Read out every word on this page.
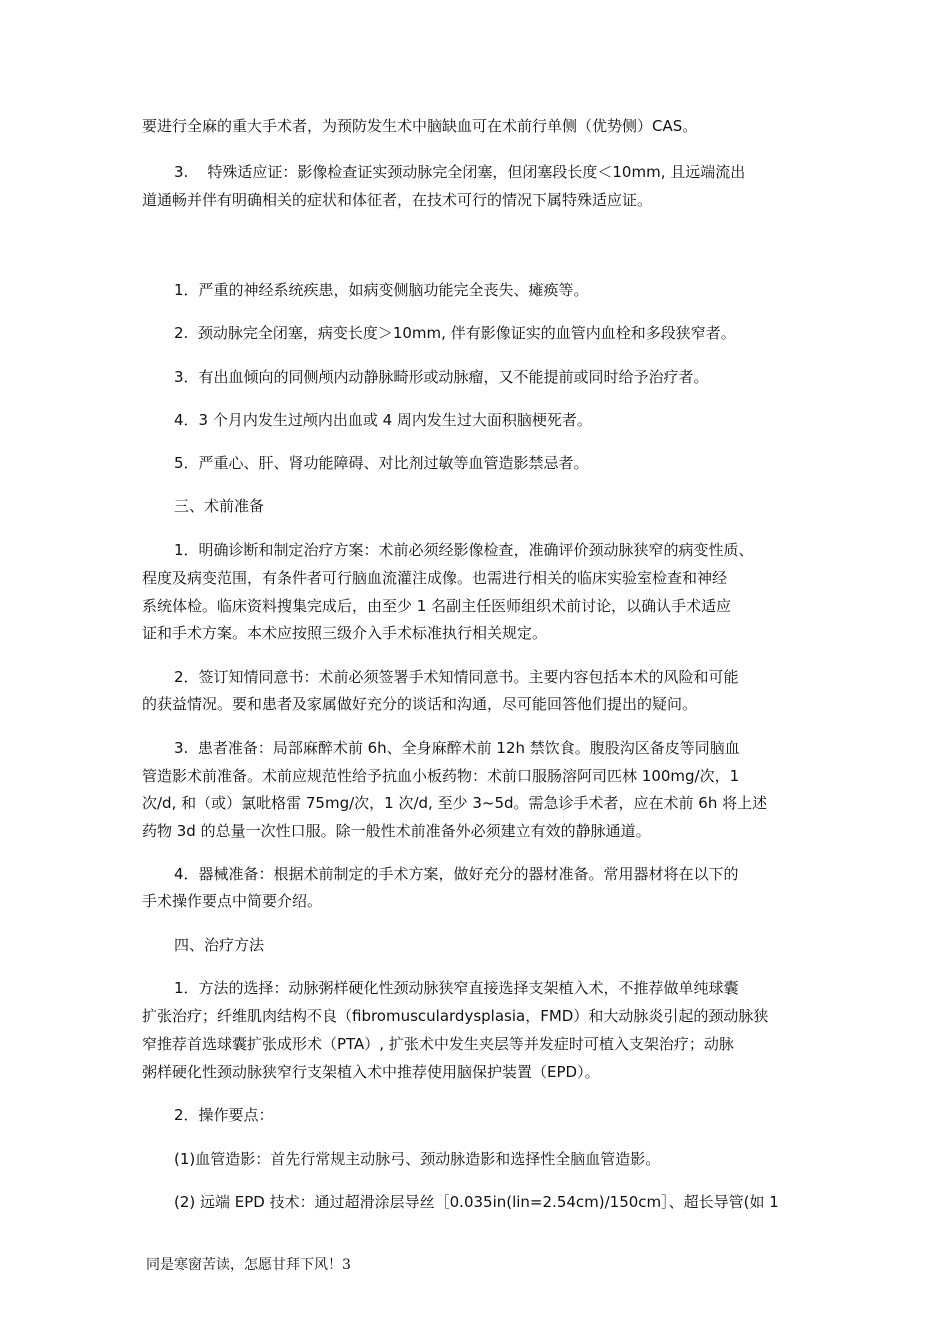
要进行全麻的重大手术者，为预防发生术中脑缺血可在术前行单侧（优势侧）CAS。

3.    特殊适应证：影像检查证实颈动脉完全闭塞，但闭塞段长度＜10mm, 且远端流出

道通畅并伴有明确相关的症状和体征者，在技术可行的情况下属特殊适应证。

1．严重的神经系统疾患，如病变侧脑功能完全丧失、瘫痪等。

2.  颈动脉完全闭塞，病变长度＞10mm, 伴有影像证实的血管内血栓和多段狭窄者。

3．有出血倾向的同侧颅内动静脉畸形或动脉瘤，又不能提前或同时给予治疗者。

4．3 个月内发生过颅内出血或 4 周内发生过大面积脑梗死者。

5．严重心、肝、肾功能障碍、对比剂过敏等血管造影禁忌者。

三、术前准备

1．明确诊断和制定治疗方案：术前必须经影像检查，准确评价颈动脉狭窄的病变性质、

程度及病变范围，有条件者可行脑血流灌注成像。也需进行相关的临床实验室检查和神经

系统体检。临床资料搜集完成后，由至少 1 名副主任医师组织术前讨论，以确认手术适应

证和手术方案。本术应按照三级介入手术标准执行相关规定。

2．签订知情同意书：术前必须签署手术知情同意书。主要内容包括本术的风险和可能

的获益情况。要和患者及家属做好充分的谈话和沟通，尽可能回答他们提出的疑问。

3.  患者准备：局部麻醉术前 6h、全身麻醉术前 12h 禁饮食。腹股沟区备皮等同脑血

管造影术前准备。术前应规范性给予抗血小板药物：术前口服肠溶阿司匹林 100mg/次，1

次/d, 和（或）氯吡格雷 75mg/次，1 次/d, 至少 3~5d。需急诊手术者，应在术前 6h 将上述

药物 3d 的总量一次性口服。除一般性术前准备外必须建立有效的静脉通道。

4．器械准备：根据术前制定的手术方案，做好充分的器材准备。常用器材将在以下的

手术操作要点中简要介绍。

四、治疗方法

1．方法的选择：动脉粥样硬化性颈动脉狭窄直接选择支架植入术，不推荐做单纯球囊

扩张治疗；纤维肌肉结构不良（fibromusculardysplasia，FMD）和大动脉炎引起的颈动脉狭

窄推荐首选球囊扩张成形术（PTA）, 扩张术中发生夹层等并发症时可植入支架治疗；动脉

粥样硬化性颈动脉狭窄行支架植入术中推荐使用脑保护装置（EPD）。

2．操作要点：

(1)血管造影：首先行常规主动脉弓、颈动脉造影和选择性全脑血管造影。

(2) 远端 EPD 技术：通过超滑涂层导丝［0.035in(lin=2.54cm)/150cm］、超长导管(如 1

同是寒窗苦读，怎愿甘拜下风！3
